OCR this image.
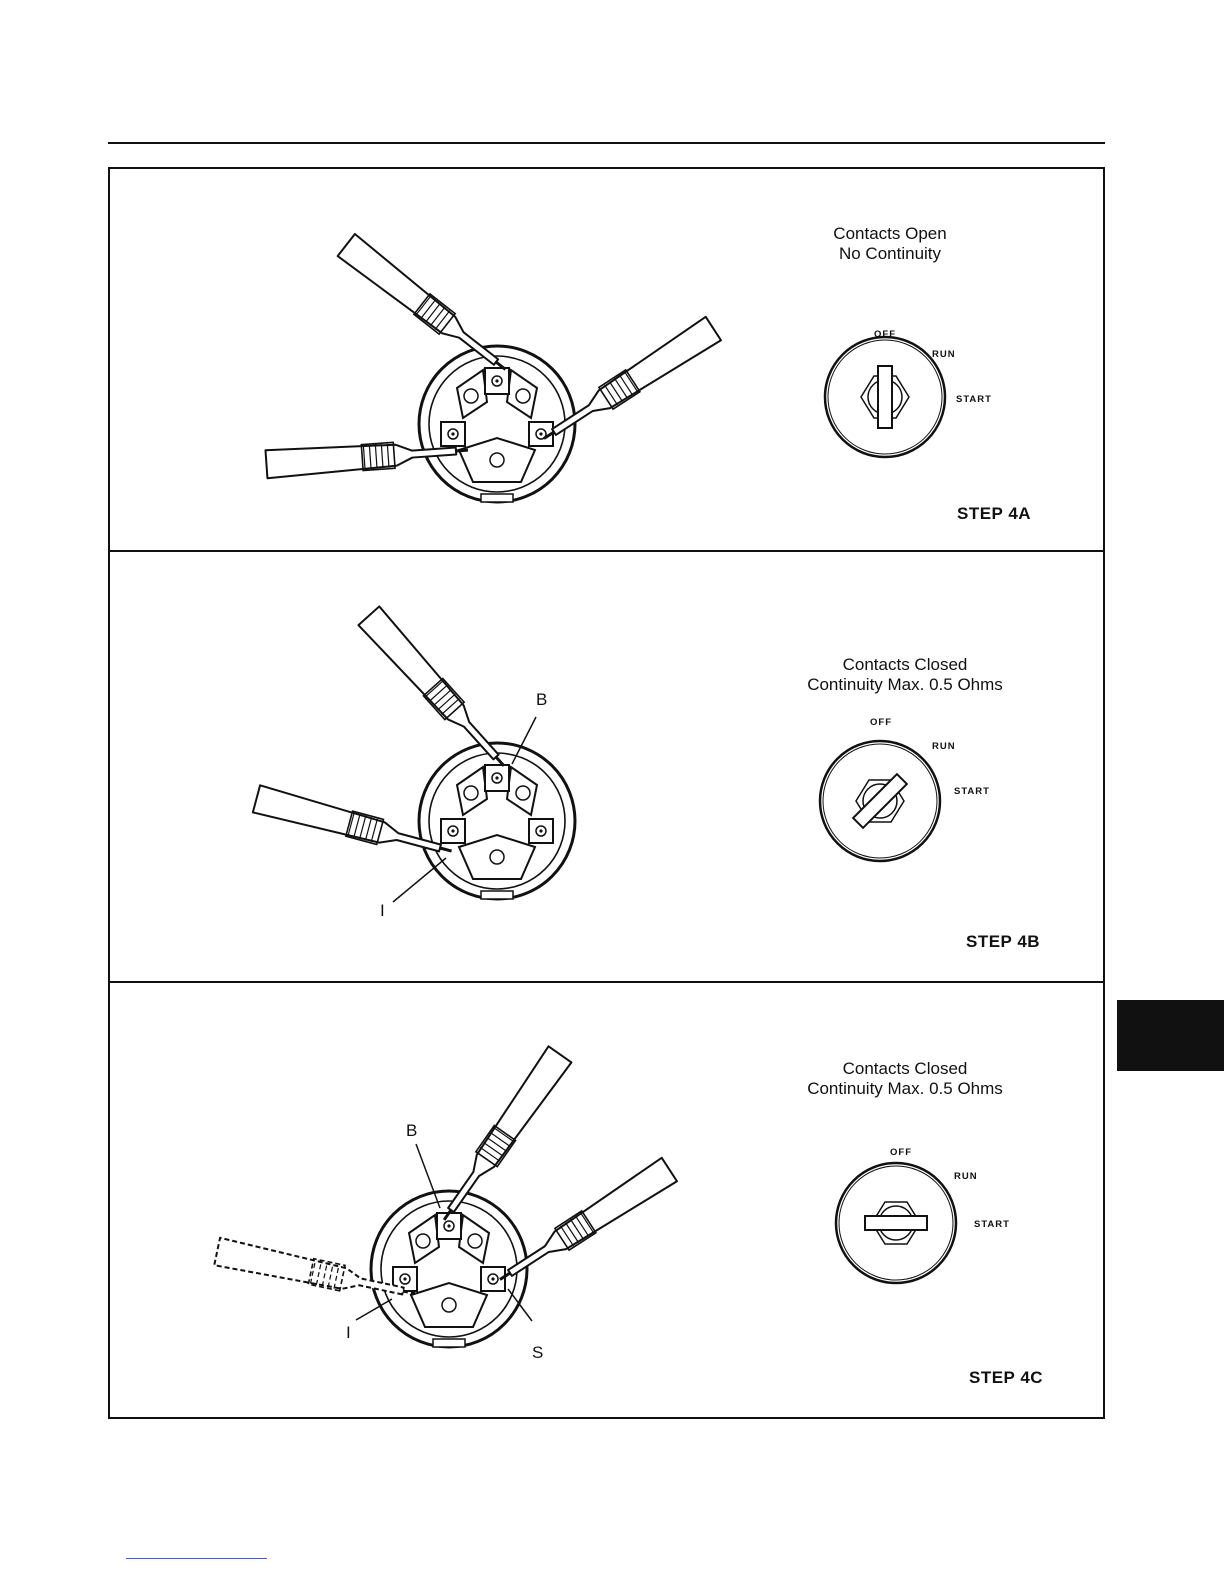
Contacts Open
No Continuity
OFF
RUN
START
STEP 4A
B
I
Contacts Closed
Continuity Max. 0.5 Ohms
OFF
RUN
START
STEP 4B
B
I
S
Contacts Closed
Continuity Max. 0.5 Ohms
OFF
RUN
START
STEP 4C
